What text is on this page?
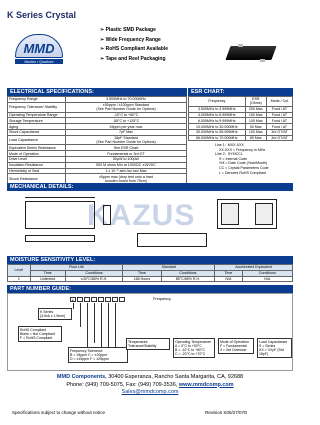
K Series Crystal
MMD
Monitor • Quartzec
➢ Plastic SMD Package
➢ Wide Frequency Range
➢ RoHS Compliant Available
➢ Tape and Reel Packaging
ELECTRICAL SPECIFICATIONS:
Frequency Range	3.500MHz to 70.000MHz
Frequency Tolerance/ Stability	±50ppm / ±100ppm Standard
(See Part Number Guide for Options)
Operating Temperature Range	-10°C to +60°C
Storage Temperature	-55°C to +125°C
Aging	±5ppm per year max
Shunt Capacitance	7pF Max
Load Capacitance	18pF Standard
(See Part Number Guide for Options)
Equivalent Series Resistance	See ESR Chart
Mode of Operation	Fundamental or 3rd OT
Drive Level	50μW to 100μW
Insulation Resistance	500 M ohms Min at 100VDC ±15VDC
Hermeticity of Seal	1 x 10⁻⁸ atm /cc/ sec Max
Shock Resistance	±5ppm max (drop test onto a hard
wooden board from 75cm)
ESR CHART:
Frequency	ESR
(Ohms)	Mode / Cut
3.500MHz to 3.999MHz	200 Max	Fund / AT
4.000MHz to 5.999MHz	150 Max	Fund / AT
6.000MHz to 9.999MHz	100 Max	Fund / AT
10.000MHz to 30.000MHz	50 Max	Fund / AT
30.000MHz to 55.999MHz	100 Max	3rd OT/AT
56.000MHz to 70.000MHz	80 Max	3rd OT/AT
Line 1:  MXX.XXX
XX.XXX = Frequency in MHz
Line 2:  SYMCCL
S = Internal Code
YM = Date Code (Year/Month)
CC = Crystal Parameters Code
L = Denotes RoHS Compliant
MECHANICAL DETAILS:
KAZUS
MOISTURE SENSITIVITY LEVEL:
Level	Floor Life		Standard		Accelerated Equivalent	
	Time	Conditions	Time	Conditions	Time	Conditions
1	Unlimited	≤30°C/85% R.H.	168 Hours	85°C/85% R.H.	N/A	N/A
PART NUMBER GUIDE:
K	Frequency
K Series
(3.5x6 x 1.5mm)
RoHS Compliant
Blank = Not Compliant
F = RoHS Compliant
Frequency Tolerance
B = ±5ppm C = ±10ppm
D = ±15ppm F = ±25ppm
Temperature
Tolerance/Stability
Operating Temperature
A = 0°C to +50°C
B = -10°C to +60°C
C = -20°C to +70°C
Mode of Operation
F = Fundamental
3 = 3rd Overtone
Load Capacitance
S = Series
XX = XXpF (Std 18pF)
MMD Components, 30400 Esperanza, Rancho Santa Margarita, CA, 92688
Phone: (949) 709-5075, Fax: (949) 709-3536, www.mmdcomp.com
Sales@mmdcomp.com
Specifications subject to change without notice	Revision K06/27/07D
